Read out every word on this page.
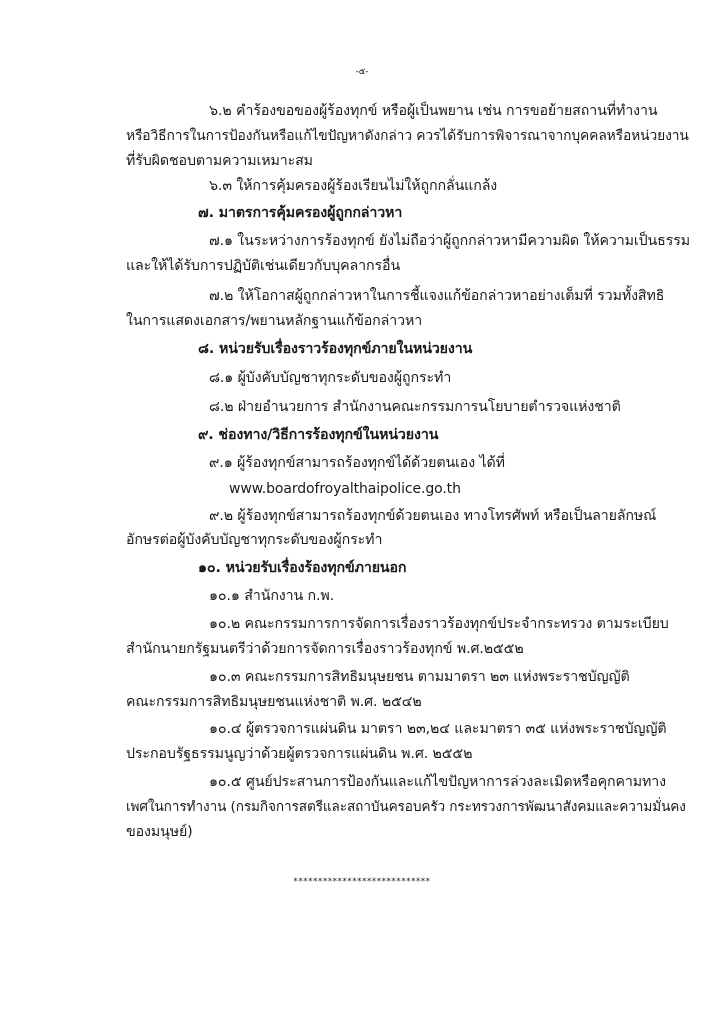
-๕-
๖.๒ คำร้องขอของผู้ร้องทุกข์ หรือผู้เป็นพยาน เช่น การขอย้ายสถานที่ทำงาน
หรือวิธีการในการป้องกันหรือแก้ไขปัญหาดังกล่าว ควรได้รับการพิจารณาจากบุคคลหรือหน่วยงาน
ที่รับผิดชอบตามความเหมาะสม
๖.๓ ให้การคุ้มครองผู้ร้องเรียนไม่ให้ถูกกลั่นแกล้ง
๗. มาตรการคุ้มครองผู้ถูกกล่าวหา
๗.๑ ในระหว่างการร้องทุกข์ ยังไม่ถือว่าผู้ถูกกล่าวหามีความผิด ให้ความเป็นธรรม
และให้ได้รับการปฏิบัติเช่นเดียวกับบุคลากรอื่น
๗.๒ ให้โอกาสผู้ถูกกล่าวหาในการชี้แจงแก้ข้อกล่าวหาอย่างเต็มที่ รวมทั้งสิทธิ
ในการแสดงเอกสาร/พยานหลักฐานแก้ข้อกล่าวหา
๘. หน่วยรับเรื่องราวร้องทุกข์ภายในหน่วยงาน
๘.๑ ผู้บังคับบัญชาทุกระดับของผู้ถูกระทำ
๘.๒ ฝ่ายอำนวยการ สำนักงานคณะกรรมการนโยบายตำรวจแห่งชาติ
๙. ช่องทาง/วิธีการร้องทุกข์ในหน่วยงาน
๙.๑ ผู้ร้องทุกข์สามารถร้องทุกข์ได้ด้วยตนเอง ได้ที่
www.boardofroyalthaipolice.go.th
๙.๒ ผู้ร้องทุกข์สามารถร้องทุกข์ด้วยตนเอง ทางโทรศัพท์ หรือเป็นลายลักษณ์
อักษรต่อผู้บังคับบัญชาทุกระดับของผู้กระทำ
๑๐. หน่วยรับเรื่องร้องทุกข์ภายนอก
๑๐.๑ สำนักงาน ก.พ.
๑๐.๒ คณะกรรมการการจัดการเรื่องราวร้องทุกข์ประจำกระทรวง ตามระเบียบ
สำนักนายกรัฐมนตรีว่าด้วยการจัดการเรื่องราวร้องทุกข์ พ.ศ.๒๕๕๒
๑๐.๓ คณะกรรมการสิทธิมนุษยชน ตามมาตรา ๒๓ แห่งพระราชบัญญัติ
คณะกรรมการสิทธิมนุษยชนแห่งชาติ พ.ศ. ๒๕๔๒
๑๐.๔ ผู้ตรวจการแผ่นดิน มาตรา ๒๓,๒๔ และมาตรา ๓๕ แห่งพระราชบัญญัติ
ประกอบรัฐธรรมนูญว่าด้วยผู้ตรวจการแผ่นดิน พ.ศ. ๒๕๕๒
๑๐.๕ ศูนย์ประสานการป้องกันและแก้ไขปัญหาการล่วงละเมิดหรือคุกคามทาง
เพศในการทำงาน (กรมกิจการสตรีและสถาบันครอบครัว กระทรวงการพัฒนาสังคมและความมั่นคง
ของมนุษย์)
****************************
